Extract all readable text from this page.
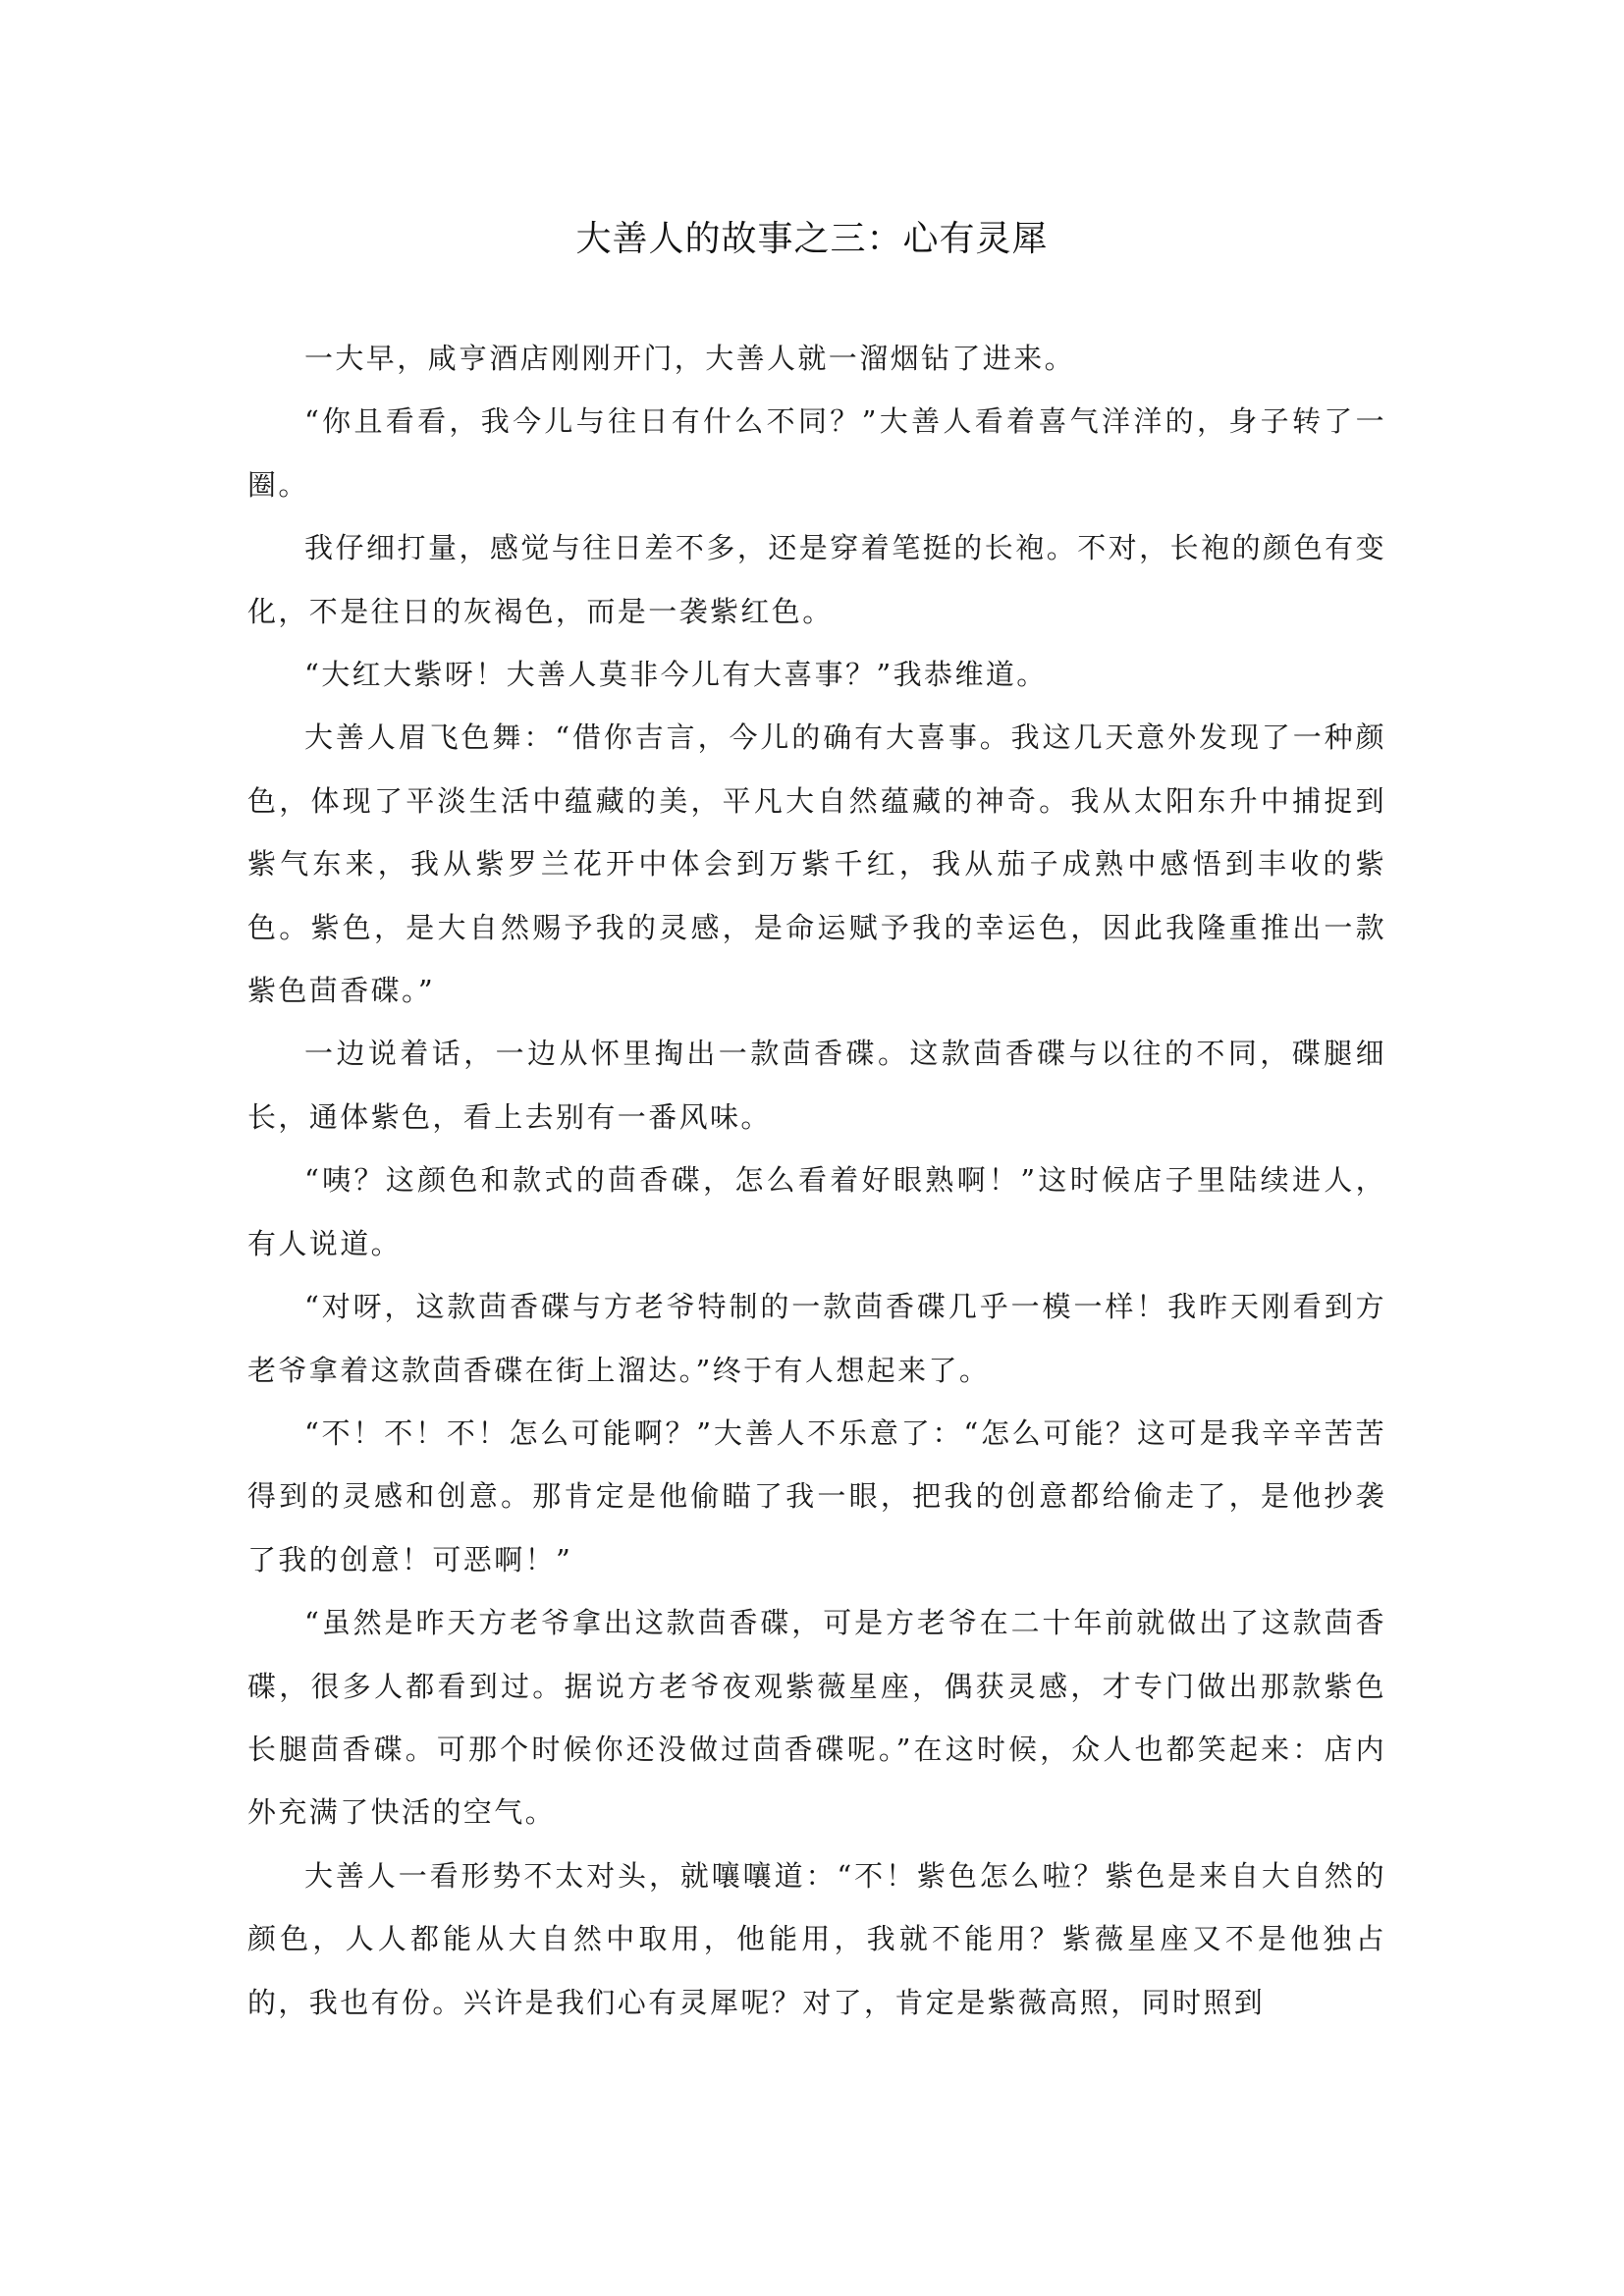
大善人的故事之三：心有灵犀

一大早，咸亨酒店刚刚开门，大善人就一溜烟钻了进来。

“你且看看，我今儿与往日有什么不同？”大善人看着喜气洋洋的，身子转了一圈。

我仔细打量，感觉与往日差不多，还是穿着笔挺的长袍。不对，长袍的颜色有变化，不是往日的灰褐色，而是一袭紫红色。

“大红大紫呀！大善人莫非今儿有大喜事？”我恭维道。

大善人眉飞色舞：“借你吉言，今儿的确有大喜事。我这几天意外发现了一种颜色，体现了平淡生活中蕴藏的美，平凡大自然蕴藏的神奇。我从太阳东升中捕捉到紫气东来，我从紫罗兰花开中体会到万紫千红，我从茄子成熟中感悟到丰收的紫色。紫色，是大自然赐予我的灵感，是命运赋予我的幸运色，因此我隆重推出一款紫色茴香碟。”

一边说着话，一边从怀里掏出一款茴香碟。这款茴香碟与以往的不同，碟腿细长，通体紫色，看上去别有一番风味。

“咦？这颜色和款式的茴香碟，怎么看着好眼熟啊！”这时候店子里陆续进人，有人说道。

“对呀，这款茴香碟与方老爷特制的一款茴香碟几乎一模一样！我昨天刚看到方老爷拿着这款茴香碟在街上溜达。”终于有人想起来了。

“不！不！不！怎么可能啊？”大善人不乐意了：“怎么可能？这可是我辛辛苦苦得到的灵感和创意。那肯定是他偷瞄了我一眼，把我的创意都给偷走了，是他抄袭了我的创意！可恶啊！”

“虽然是昨天方老爷拿出这款茴香碟，可是方老爷在二十年前就做出了这款茴香碟，很多人都看到过。据说方老爷夜观紫薇星座，偶获灵感，才专门做出那款紫色长腿茴香碟。可那个时候你还没做过茴香碟呢。”在这时候，众人也都笑起来：店内外充满了快活的空气。

大善人一看形势不太对头，就嚷嚷道：“不！紫色怎么啦？紫色是来自大自然的颜色，人人都能从大自然中取用，他能用，我就不能用？紫薇星座又不是他独占的，我也有份。兴许是我们心有灵犀呢？对了，肯定是紫薇高照，同时照到
